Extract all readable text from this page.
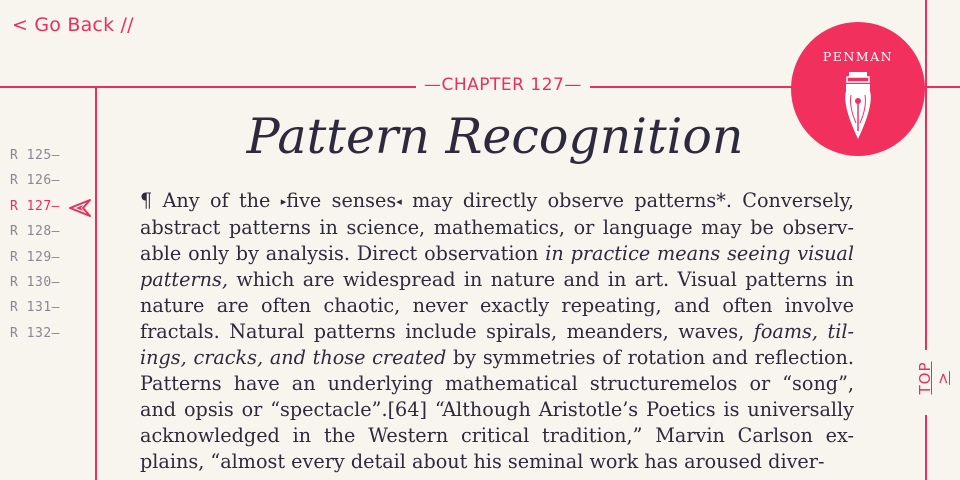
< Go Back //
—CHAPTER 127—
Pattern Recognition
R 125—
R 126—
R 127—
R 128—
R 129—
R 130—
R 131—
R 132—

¶ Any of the ▸five senses◂ may directly observe patterns*. Conversely, abstract patterns in science, mathematics, or language may be observ- able only by analysis. Direct observation in practice means seeing visual patterns, which are widespread in nature and in art. Visual patterns in nature are often chaotic, never exactly repeating, and often involve fractals. Natural patterns include spirals, meanders, waves, foams, til- ings, cracks, and those created by symmetries of rotation and reflection. Patterns have an underlying mathematical structuremelos or “song”, and opsis or “spectacle”.[64] “Although Aristotle’s Poetics is universally acknowledged in the Western critical tradition,” Marvin Carlson ex- plains, “almost every detail about his seminal work has aroused diver-

PENMAN
TOP >
